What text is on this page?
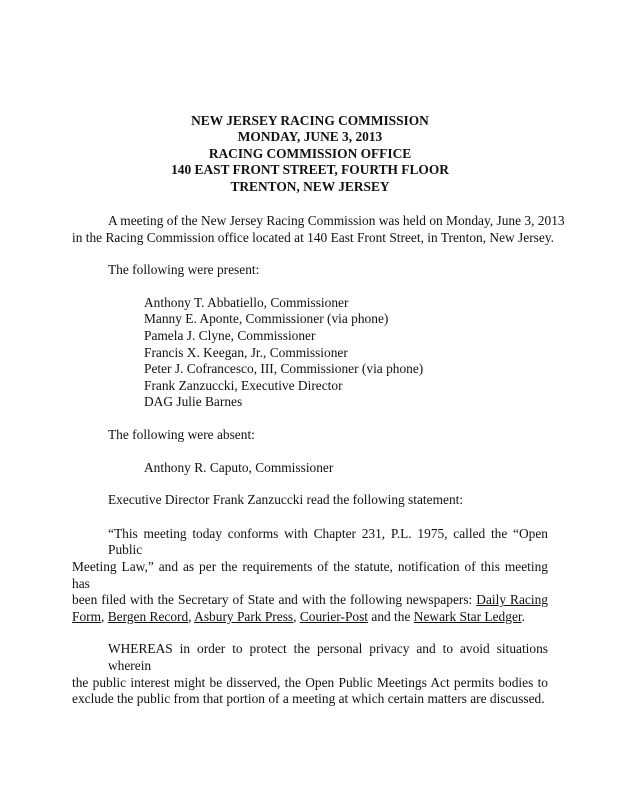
NEW JERSEY RACING COMMISSION
MONDAY, JUNE 3, 2013
RACING COMMISSION OFFICE
140 EAST FRONT STREET, FOURTH FLOOR
TRENTON, NEW JERSEY
A meeting of the New Jersey Racing Commission was held on Monday, June 3, 2013
in the Racing Commission office located at 140 East Front Street, in Trenton, New Jersey.
The following were present:
Anthony T. Abbatiello, Commissioner
Manny E. Aponte, Commissioner (via phone)
Pamela J. Clyne, Commissioner
Francis X. Keegan, Jr., Commissioner
Peter J. Cofrancesco, III, Commissioner (via phone)
Frank Zanzuccki, Executive Director
DAG Julie Barnes
The following were absent:
Anthony R. Caputo, Commissioner
Executive Director Frank Zanzuccki read the following statement:
“This meeting today conforms with Chapter 231, P.L. 1975, called the “Open Public
Meeting Law,” and as per the requirements of the statute, notification of this meeting has
been filed with the Secretary of State and with the following newspapers: Daily Racing
Form, Bergen Record, Asbury Park Press, Courier-Post and the Newark Star Ledger.
WHEREAS in order to protect the personal privacy and to avoid situations wherein
the public interest might be disserved, the Open Public Meetings Act permits bodies to
exclude the public from that portion of a meeting at which certain matters are discussed.
